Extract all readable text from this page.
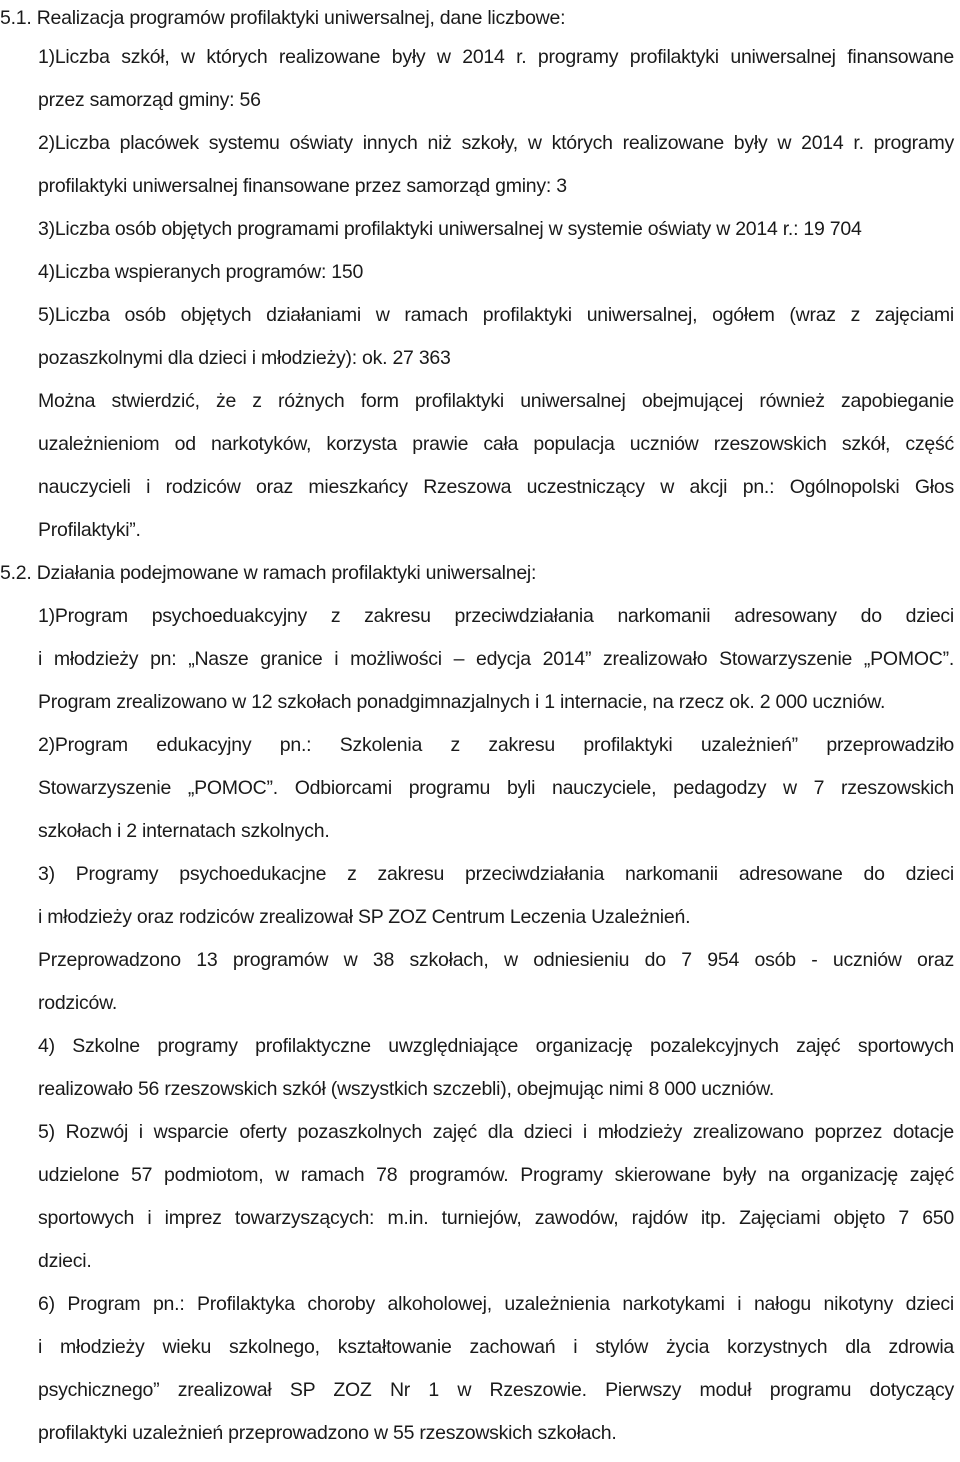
5.1. Realizacja programów profilaktyki uniwersalnej, dane liczbowe:
1)Liczba szkół, w których realizowane były w 2014 r. programy profilaktyki uniwersalnej finansowane
przez samorząd gminy: 56
2)Liczba placówek systemu oświaty innych niż szkoły, w których realizowane były w 2014 r. programy
profilaktyki uniwersalnej finansowane przez samorząd gminy: 3
3)Liczba osób objętych programami profilaktyki uniwersalnej w systemie oświaty w 2014 r.: 19 704
4)Liczba wspieranych programów: 150
5)Liczba osób objętych działaniami w ramach profilaktyki uniwersalnej, ogółem (wraz z zajęciami
pozaszkolnymi dla dzieci i młodzieży): ok. 27 363
Można stwierdzić, że z różnych form profilaktyki uniwersalnej obejmującej również zapobieganie
uzależnieniom od narkotyków, korzysta prawie cała populacja uczniów rzeszowskich szkół, część
nauczycieli i rodziców oraz mieszkańcy Rzeszowa uczestniczący w akcji pn.: Ogólnopolski Głos
Profilaktyki”.
5.2. Działania podejmowane w ramach profilaktyki uniwersalnej:
1)Program psychoeduakcyjny z zakresu przeciwdziałania narkomanii adresowany do dzieci
i młodzieży pn: „Nasze granice i możliwości – edycja 2014” zrealizowało Stowarzyszenie „POMOC”.
Program zrealizowano w 12 szkołach ponadgimnazjalnych i 1 internacie, na rzecz ok. 2 000 uczniów.
2)Program edukacyjny pn.: Szkolenia z zakresu profilaktyki uzależnień” przeprowadziło
Stowarzyszenie „POMOC”. Odbiorcami programu byli nauczyciele, pedagodzy w 7 rzeszowskich
szkołach i 2 internatach szkolnych.
3) Programy psychoedukacjne z zakresu przeciwdziałania narkomanii adresowane do dzieci
i młodzieży oraz rodziców zrealizował SP ZOZ Centrum Leczenia Uzależnień.
Przeprowadzono 13 programów w 38 szkołach, w odniesieniu do 7 954 osób - uczniów oraz
rodziców.
4) Szkolne programy profilaktyczne uwzględniające organizację pozalekcyjnych zajęć sportowych
realizowało 56 rzeszowskich szkół (wszystkich szczebli), obejmując nimi 8 000 uczniów.
5) Rozwój i wsparcie oferty pozaszkolnych zajęć dla dzieci i młodzieży zrealizowano poprzez dotacje
udzielone 57 podmiotom, w ramach 78 programów. Programy skierowane były na organizację zajęć
sportowych i imprez towarzyszących: m.in. turniejów, zawodów, rajdów itp. Zajęciami objęto 7 650
dzieci.
6) Program pn.: Profilaktyka choroby alkoholowej, uzależnienia narkotykami i nałogu nikotyny dzieci
i młodzieży wieku szkolnego, kształtowanie zachowań i stylów życia korzystnych dla zdrowia
psychicznego” zrealizował SP ZOZ Nr 1 w Rzeszowie. Pierwszy moduł programu dotyczący
profilaktyki uzależnień przeprowadzono w 55 rzeszowskich szkołach.
